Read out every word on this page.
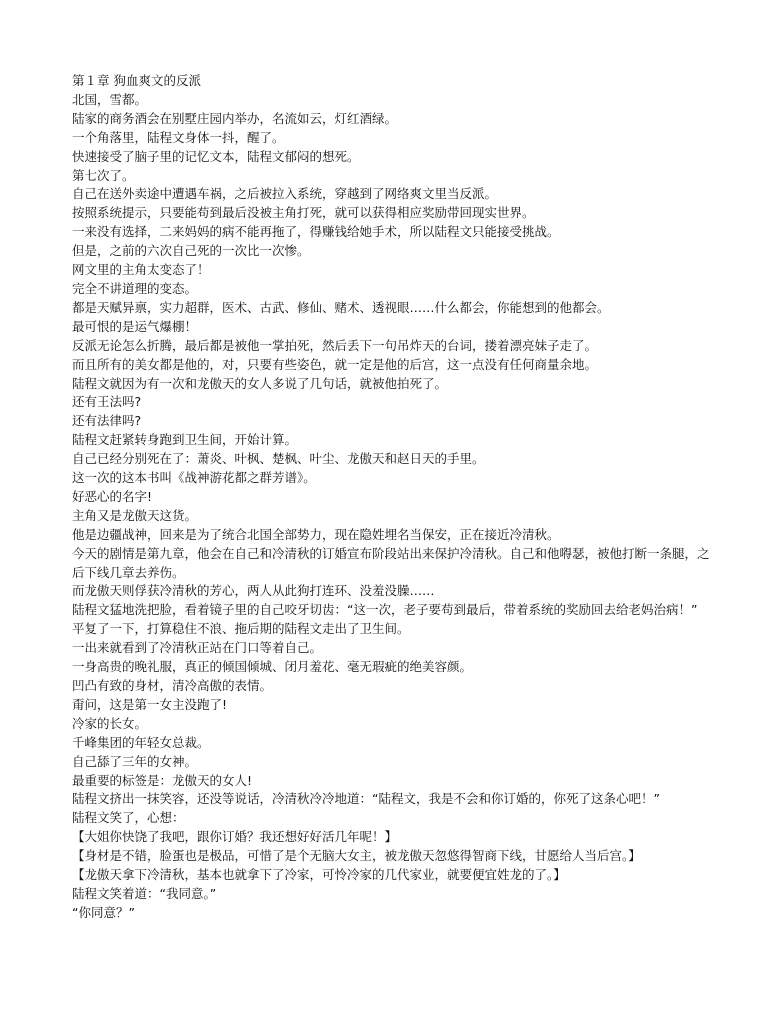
第１章 狗血爽文的反派

北国，雪都。

陆家的商务酒会在别墅庄园内举办，名流如云，灯红酒绿。

一个角落里，陆程文身体一抖，醒了。

快速接受了脑子里的记忆文本，陆程文郁闷的想死。

第七次了。

自己在送外卖途中遭遇车祸，之后被拉入系统，穿越到了网络爽文里当反派。

按照系统提示，只要能苟到最后没被主角打死，就可以获得相应奖励带回现实世界。

一来没有选择，二来妈妈的病不能再拖了，得赚钱给她手术，所以陆程文只能接受挑战。

但是，之前的六次自己死的一次比一次惨。

网文里的主角太变态了！

完全不讲道理的变态。

都是天赋异禀，实力超群，医术、古武、修仙、赌术、透视眼……什么都会，你能想到的他都会。

最可恨的是运气爆棚！

反派无论怎么折腾，最后都是被他一掌拍死，然后丢下一句吊炸天的台词，搂着漂亮妹子走了。

而且所有的美女都是他的，对，只要有些姿色，就一定是他的后宫，这一点没有任何商量余地。

陆程文就因为有一次和龙傲天的女人多说了几句话，就被他拍死了。

还有王法吗?

还有法律吗?

陆程文赶紧转身跑到卫生间，开始计算。

自己已经分别死在了：萧炎、叶枫、楚枫、叶尘、龙傲天和赵日天的手里。

这一次的这本书叫《战神游花都之群芳谱》。

好恶心的名字!

主角又是龙傲天这货。

他是边疆战神，回来是为了统合北国全部势力，现在隐姓埋名当保安，正在接近冷清秋。

今天的剧情是第九章，他会在自己和冷清秋的订婚宣布阶段站出来保护冷清秋。自己和他嘚瑟，被他打断一条腿，之后下线几章去养伤。

而龙傲天则俘获冷清秋的芳心，两人从此狗打连环、没羞没臊……

陆程文猛地洗把脸，看着镜子里的自己咬牙切齿：“这一次，老子要苟到最后，带着系统的奖励回去给老妈治病！”

平复了一下，打算稳住不浪、拖后期的陆程文走出了卫生间。

一出来就看到了冷清秋正站在门口等着自己。

一身高贵的晚礼服，真正的倾国倾城、闭月羞花、毫无瑕疵的绝美容颜。

凹凸有致的身材，清冷高傲的表情。

甭问，这是第一女主没跑了!

冷家的长女。

千峰集团的年轻女总裁。

自己舔了三年的女神。

最重要的标签是：龙傲天的女人!

陆程文挤出一抹笑容，还没等说话，冷清秋冷冷地道：“陆程文，我是不会和你订婚的，你死了这条心吧！”

陆程文笑了，心想：

【大姐你快饶了我吧，跟你订婚？我还想好好活几年呢！】

【身材是不错，脸蛋也是极品，可惜了是个无脑大女主，被龙傲天忽悠得智商下线，甘愿给人当后宫。】

【龙傲天拿下冷清秋，基本也就拿下了冷家，可怜冷家的几代家业，就要便宜姓龙的了。】

陆程文笑着道：“我同意。”

“你同意？”
